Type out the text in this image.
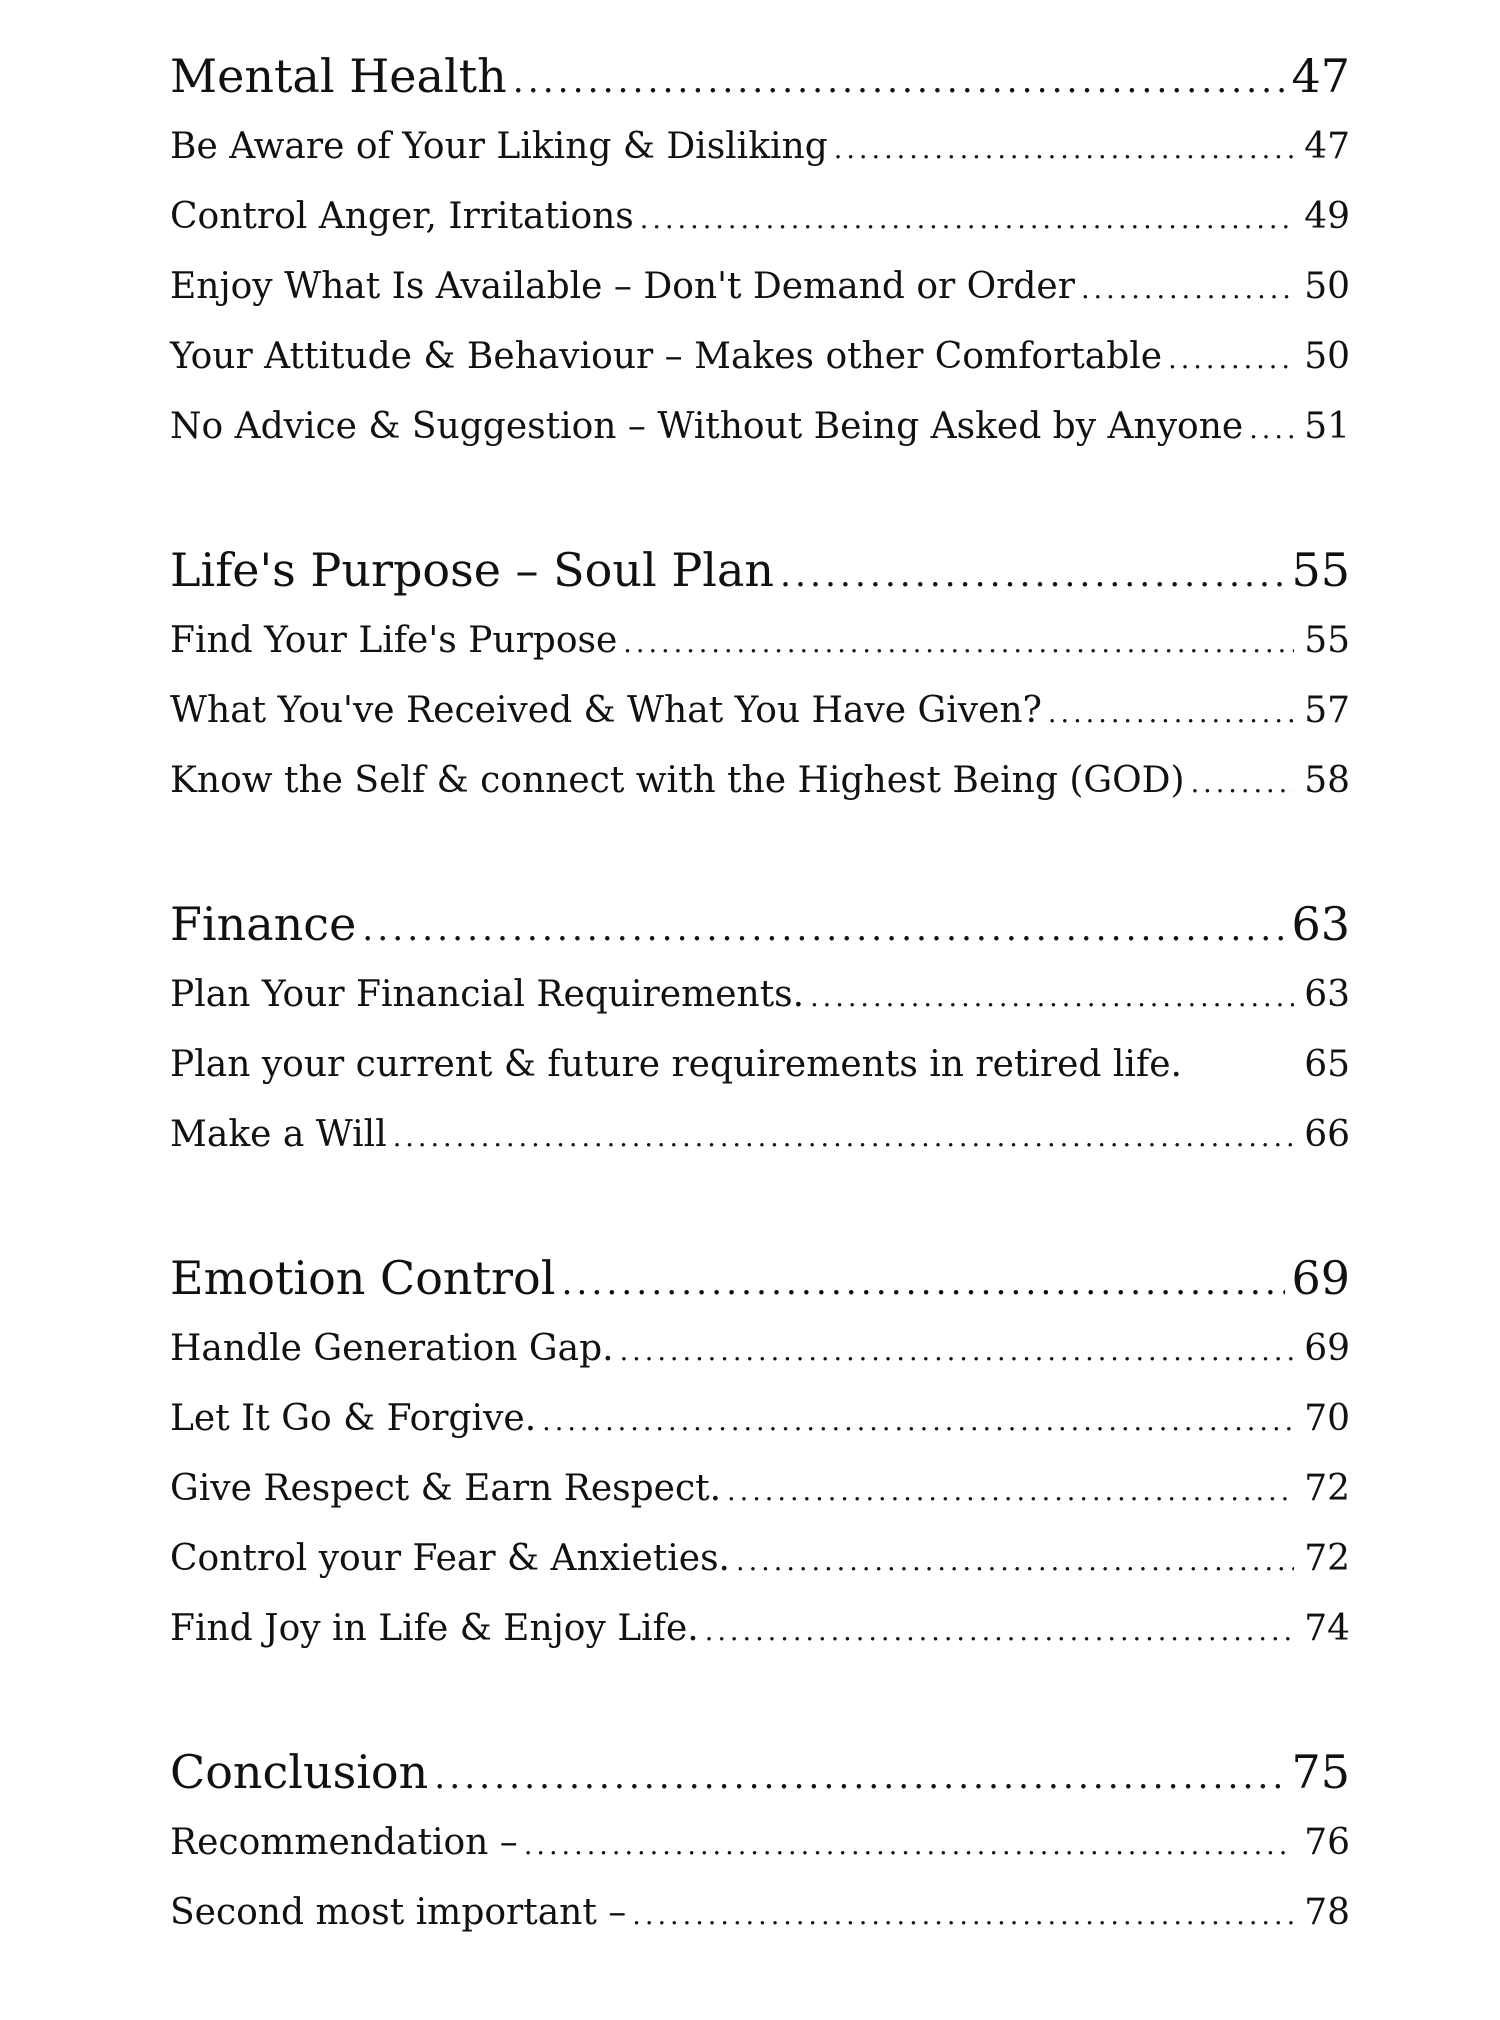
Mental Health .....	47
Be Aware of Your Liking & Disliking .....	47
Control Anger, Irritations .....	49
Enjoy What Is Available – Don't Demand or Order .....	50
Your Attitude & Behaviour – Makes other Comfortable .....	50
No Advice & Suggestion – Without Being Asked by Anyone ..... 51
Life's Purpose – Soul Plan .....	55
Find Your Life's Purpose .....	55
What You've Received & What You Have Given? .....	57
Know the Self & connect with the Highest Being (GOD) .....	58
Finance .....	63
Plan Your Financial Requirements. .....	63
Plan your current & future requirements in retired life.	65
Make a Will .....	66
Emotion Control .....	69
Handle Generation Gap. .....	69
Let It Go & Forgive. .....	70
Give Respect & Earn Respect. .....	72
Control your Fear & Anxieties. .....	72
Find Joy in Life & Enjoy Life. .....	74
Conclusion .....	75
Recommendation – .....	76
Second most important – .....	78
